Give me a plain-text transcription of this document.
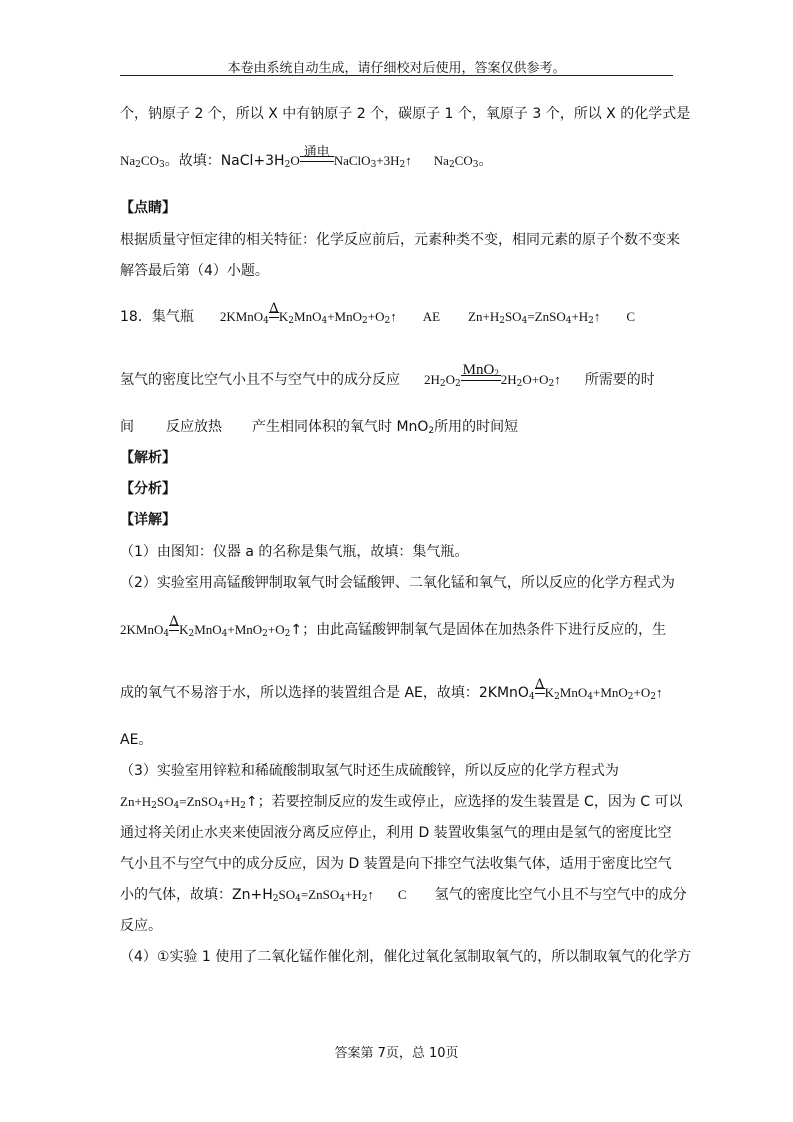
本卷由系统自动生成，请仔细校对后使用，答案仅供参考。
个，钠原子 2 个，所以 X 中有钠原子 2 个，碳原子 1 个，氧原子 3 个，所以 X 的化学式是
$Na_2CO_3$。故填：$NaCl+3H_2O$
通电
$NaClO_3+3H_2↑$ $Na_2CO_3$。
【点睛】
根据质量守恒定律的相关特征：化学反应前后，元素种类不变，相同元素的原子个数不变来
解答最后第（4）小题。
18．集气瓶 2KMnO$_4$
Δ
$K_2MnO_4+MnO_2+O_2↑$ AE $Zn+H_2SO_4=ZnSO_4+H_2↑$ C
氢气的密度比空气小且不与空气中的成分反应 $2H_2O_2$
MnO$_2$ $2H_2O+O_2↑$ 所需要的时
间 反应放热 产生相同体积的氧气时 MnO$_2$所用的时间短
【解析】
【分析】
【详解】
（1）由图知：仪器 a 的名称是集气瓶，故填：集气瓶。
（2）实验室用高锰酸钾制取氧气时会锰酸钾、二氧化锰和氧气，所以反应的化学方程式为
2KMnO$_4$
Δ
$K_2MnO_4+MnO_2+O_2↑$；由此高锰酸钾制氧气是固体在加热条件下进行反应的，生
成的氧气不易溶于水，所以选择的装置组合是 AE，故填：2KMnO$_4$
Δ
$K_2MnO_4+MnO_2+O_2↑$
AE。
（3）实验室用锌粒和稀硫酸制取氢气时还生成硫酸锌，所以反应的化学方程式为
$Zn+H_2SO_4=ZnSO_4+H_2↑$；若要控制反应的发生或停止，应选择的发生装置是 C，因为 C 可以
通过将关闭止水夹来使固液分离反应停止，利用 D 装置收集氢气的理由是氢气的密度比空
气小且不与空气中的成分反应，因为 D 装置是向下排空气法收集气体，适用于密度比空气
小的气体，故填：$Zn+H_2SO_4=ZnSO_4+H_2↑$ C 氢气的密度比空气小且不与空气中的成分
反应。
（4）①实验 1 使用了二氧化锰作催化剂，催化过氧化氢制取氧气的，所以制取氧气的化学方
答案第 7页，总 10页
